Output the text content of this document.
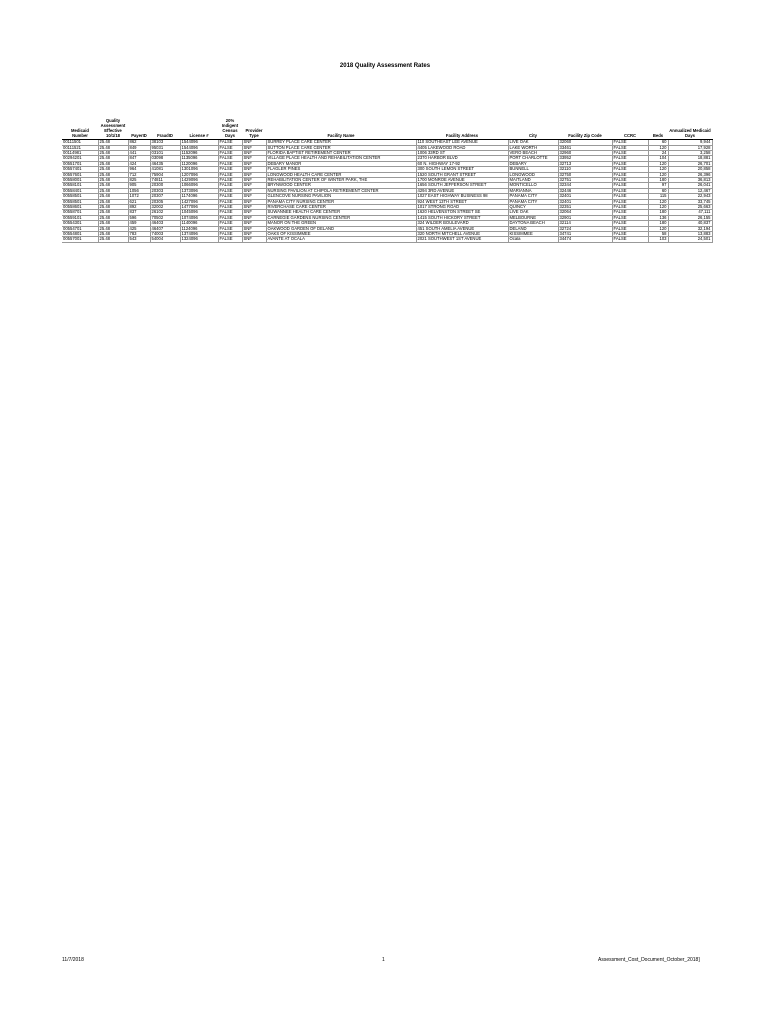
2018 Quality Assessment Rates
Medicaid Number	Quality Assessment Effective 10/1/18	PayerID	FraudID	License #	20% Indigent Census Days	Provider Type	Facility Name	Facility Address	City	Facility Zip Code	CCRC	Beds	Annualized Medicaid Days
00111501	25.48	862	38103	1544096	FALSE	SNF	SURREY PLACE CARE CENTER	110 SOUTHEAST LEE AVENUE	LIVE OAK	32060	FALSE	60	9,944
00111521	25.48	849	95031	1544096	FALSE	SNF	SUTTON PLACE CARE CENTER	4405 LAKEWOOD ROAD	LAKE WORTH	33461	FALSE	120	17,928
00114981	25.48	441	03101	1152096	FALSE	SNF	FLORIDA BAPTIST RETIREMENT CENTER	1006 33RD ST	VERO BEACH	32960	FALSE	24	3,258
00294201	25.48	847	03098	1135096	FALSE	SNF	VILLAGE PLACE HEALTH AND REHABILITATION CENTER	2370 HARBOR BLVD	PORT CHARLOTTE	33952	FALSE	104	18,881
00551701	25.48	424	46435	1120096	FALSE	SNF	DEBARY MANOR	60 N. HIGHWAY 17-92	DEBARY	32713	FALSE	120	26,701
00557401	25.48	964	41081	1301096	FALSE	SNF	FLAGLER PINES	300 SOUTH LEMON STREET	BUNNELL	32110	FALSE	120	20,858
00557601	25.48	712	75904	1207096	FALSE	SNF	LONGWOOD HEALTH CARE CENTER	1520 SOUTH GRANT STREET	LONGWOOD	32750	FALSE	120	26,396
00558001	25.48	825	74811	1429096	FALSE	SNF	REHABILITATION CENTER OF WINTER PARK, THE	1700 MONROE AVENUE	MAITLAND	32751	FALSE	180	36,813
00558101	25.48	905	20300	1066096	FALSE	SNF	BRYNWOOD CENTER	1656 SOUTH JEFFERSON STREET	MONTICELLO	32344	FALSE	97	26,041
00558401	25.48	1056	20303	1373096	FALSE	SNF	NURSING PAVILION AT CHIPOLA RETIREMENT CENTER	4294 3RD AVENUE	MARIANNA	32446	FALSE	60	12,467
00558501	25.48	1072	20307	1174096	FALSE	SNF	GLENCOVE NURSING PAVILION	1027 EAST HIGHWAY BUSINESS 98	PANAMA CITY	32401	FALSE	115	22,943
00558501	25.48	621	20305	1427096	FALSE	SNF	PANAMA CITY NURSING CENTER	924 WEST 13TH STREET	PANAMA CITY	32401	FALSE	120	33,745
00558601	25.48	892	32002	1477096	FALSE	SNF	RIVERCHASE CARE CENTER	1017 STRONG ROAD	QUINCY	32351	FALSE	120	25,663
00558701	25.48	837	26102	1045096	FALSE	SNF	SUWANNEE HEALTH CARE CENTER	1620 HELVENSTON STREET SE	LIVE OAK	32064	FALSE	180	47,111
00559101	25.48	596	70502	1074096	FALSE	SNF	CARNEGIE GARDENS NURSING CENTER	1415 SOUTH HICKORY STREET	MELBOURNE	32901	FALSE	136	26,155
00554301	25.48	459	46403	1140096	FALSE	SNF	MANOR ON THE GREEN	324 WILDER BOULEVARD	DAYTONA BEACH	32114	FALSE	180	40,837
00554701	25.48	425	46407	1124096	FALSE	SNF	OAKWOOD GARDEN OF DELAND	451 SOUTH AMELIA AVENUE	DELAND	32724	FALSE	120	32,194
00554801	25.48	783	74003	1374096	FALSE	SNF	OAKS OF KISSIMMEE	320 NORTH MITCHELL AVENUE	KISSIMMEE	34741	FALSE	58	13,883
00557001	25.48	543	54004	1324096	FALSE	SNF	AVANTE AT OCALA	2021 SOUTHWEST 1ST AVENUE	Ocala	34474	FALSE	103	24,501
11/7/2018	1	Assessment_Cost_Document_October_2018]
